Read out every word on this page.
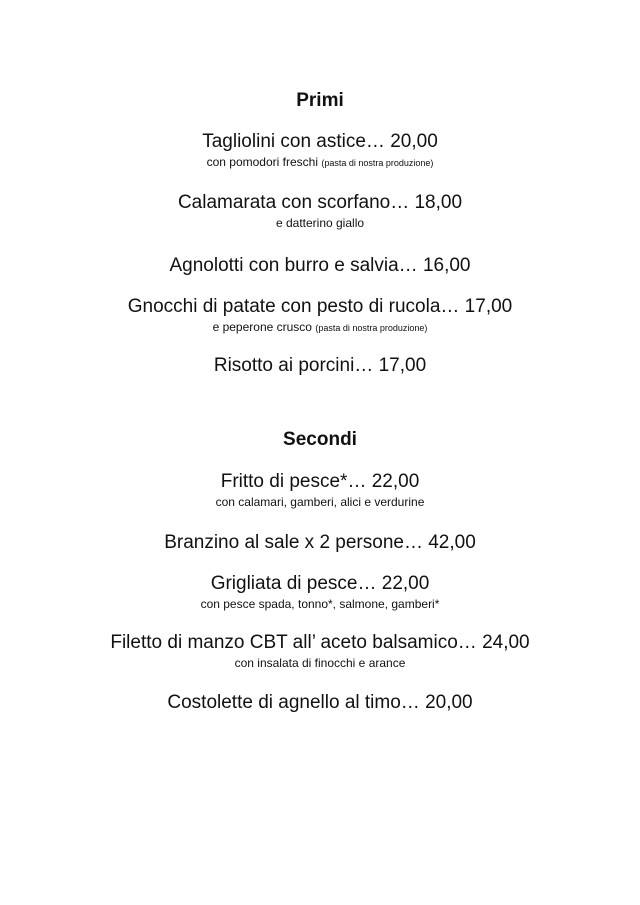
Primi
Tagliolini con astice… 20,00
con pomodori freschi (pasta di nostra produzione)
Calamarata con scorfano… 18,00
e datterino giallo
Agnolotti con burro e salvia… 16,00
Gnocchi di patate con pesto di rucola… 17,00
e peperone crusco (pasta di nostra produzione)
Risotto ai porcini… 17,00
Secondi
Fritto di pesce*… 22,00
con calamari, gamberi, alici e verdurine
Branzino al sale x 2 persone… 42,00
Grigliata di pesce… 22,00
con pesce spada, tonno*, salmone, gamberi*
Filetto di manzo CBT all’ aceto balsamico… 24,00
con insalata di finocchi e arance
Costolette di agnello al timo… 20,00
